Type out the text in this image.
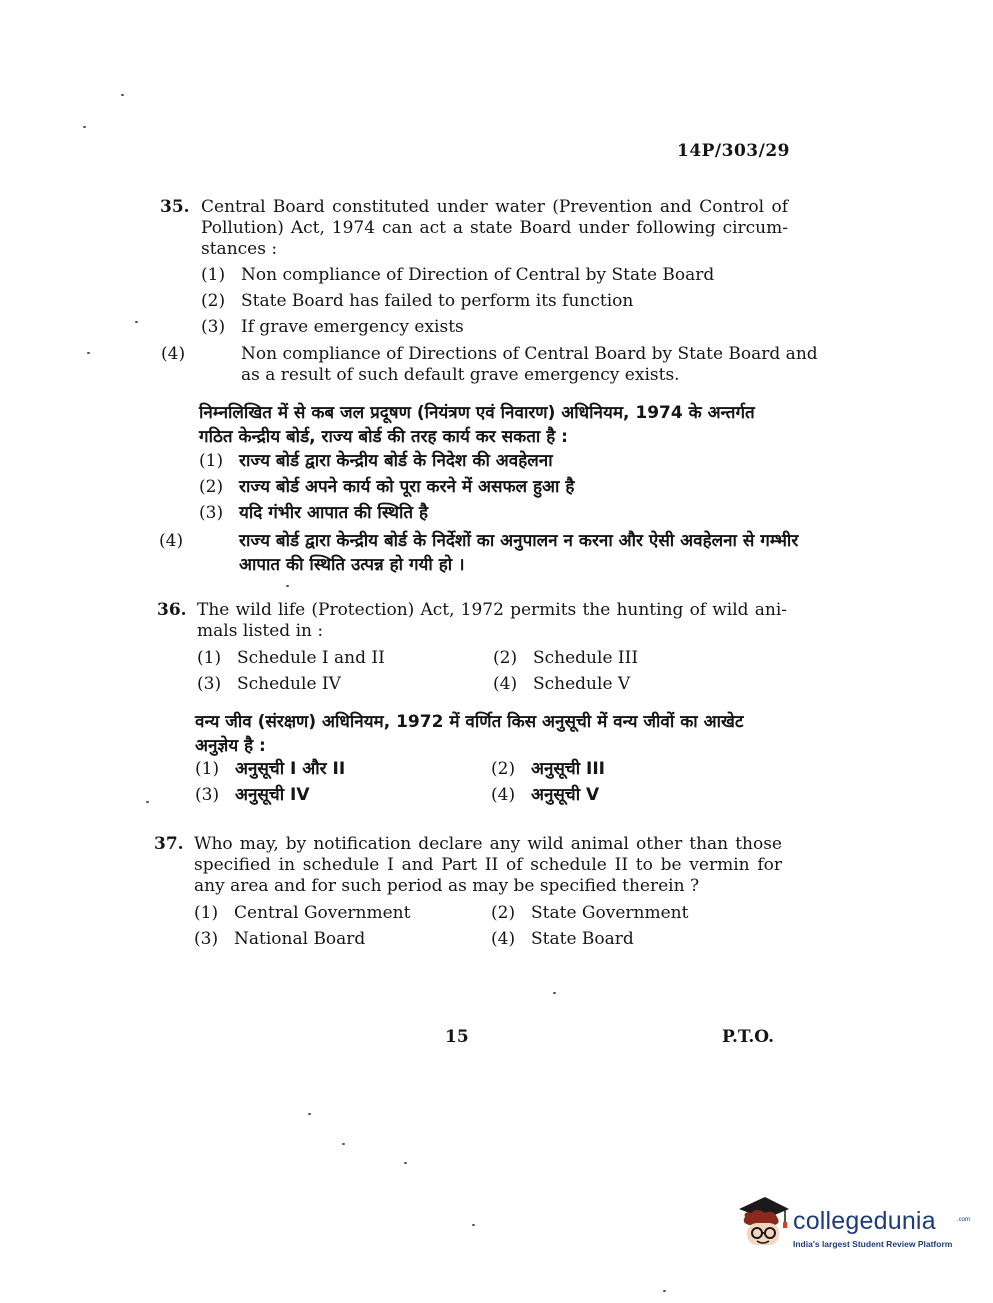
14P/303/29
35. Central Board constituted under water (Prevention and Control of Pollution) Act, 1974 can act a state Board under following circum-stances :
(1) Non compliance of Direction of Central by State Board
(2) State Board has failed to perform its function
(3) If grave emergency exists
(4)	Non compliance of Directions of Central Board by State Board and as a result of such default grave emergency exists.
निम्नलिखित में से कब जल प्रदूषण (नियंत्रण एवं निवारण) अधिनियम, 1974 के अन्तर्गत गठित केन्द्रीय बोर्ड, राज्य बोर्ड की तरह कार्य कर सकता है :
(1) राज्य बोर्ड द्वारा केन्द्रीय बोर्ड के निदेश की अवहेलना
(2) राज्य बोर्ड अपने कार्य को पूरा करने में असफल हुआ है
(3) यदि गंभीर आपात की स्थिति है
(4)	राज्य बोर्ड द्वारा केन्द्रीय बोर्ड के निर्देशों का अनुपालन न करना और ऐसी अवहेलना से गम्भीर आपात की स्थिति उत्पन्न हो गयी हो ।
36. The wild life (Protection) Act, 1972 permits the hunting of wild ani-mals listed in :
(1) Schedule I and II	(2) Schedule III
(3) Schedule IV	(4) Schedule V
वन्य जीव (संरक्षण) अधिनियम, 1972 में वर्णित किस अनुसूची में वन्य जीवों का आखेट अनुज्ञेय है :
(1) अनुसूची I और II	(2) अनुसूची III
(3) अनुसूची IV	(4) अनुसूची V
37. Who may, by notification declare any wild animal other than those specified in schedule I and Part II of schedule II to be vermin for any area and for such period as may be specified therein ?
(1) Central Government	(2) State Government
(3) National Board	(4) State Board
15	P.T.O.
collegedunia	.com
India's largest Student Review Platform
